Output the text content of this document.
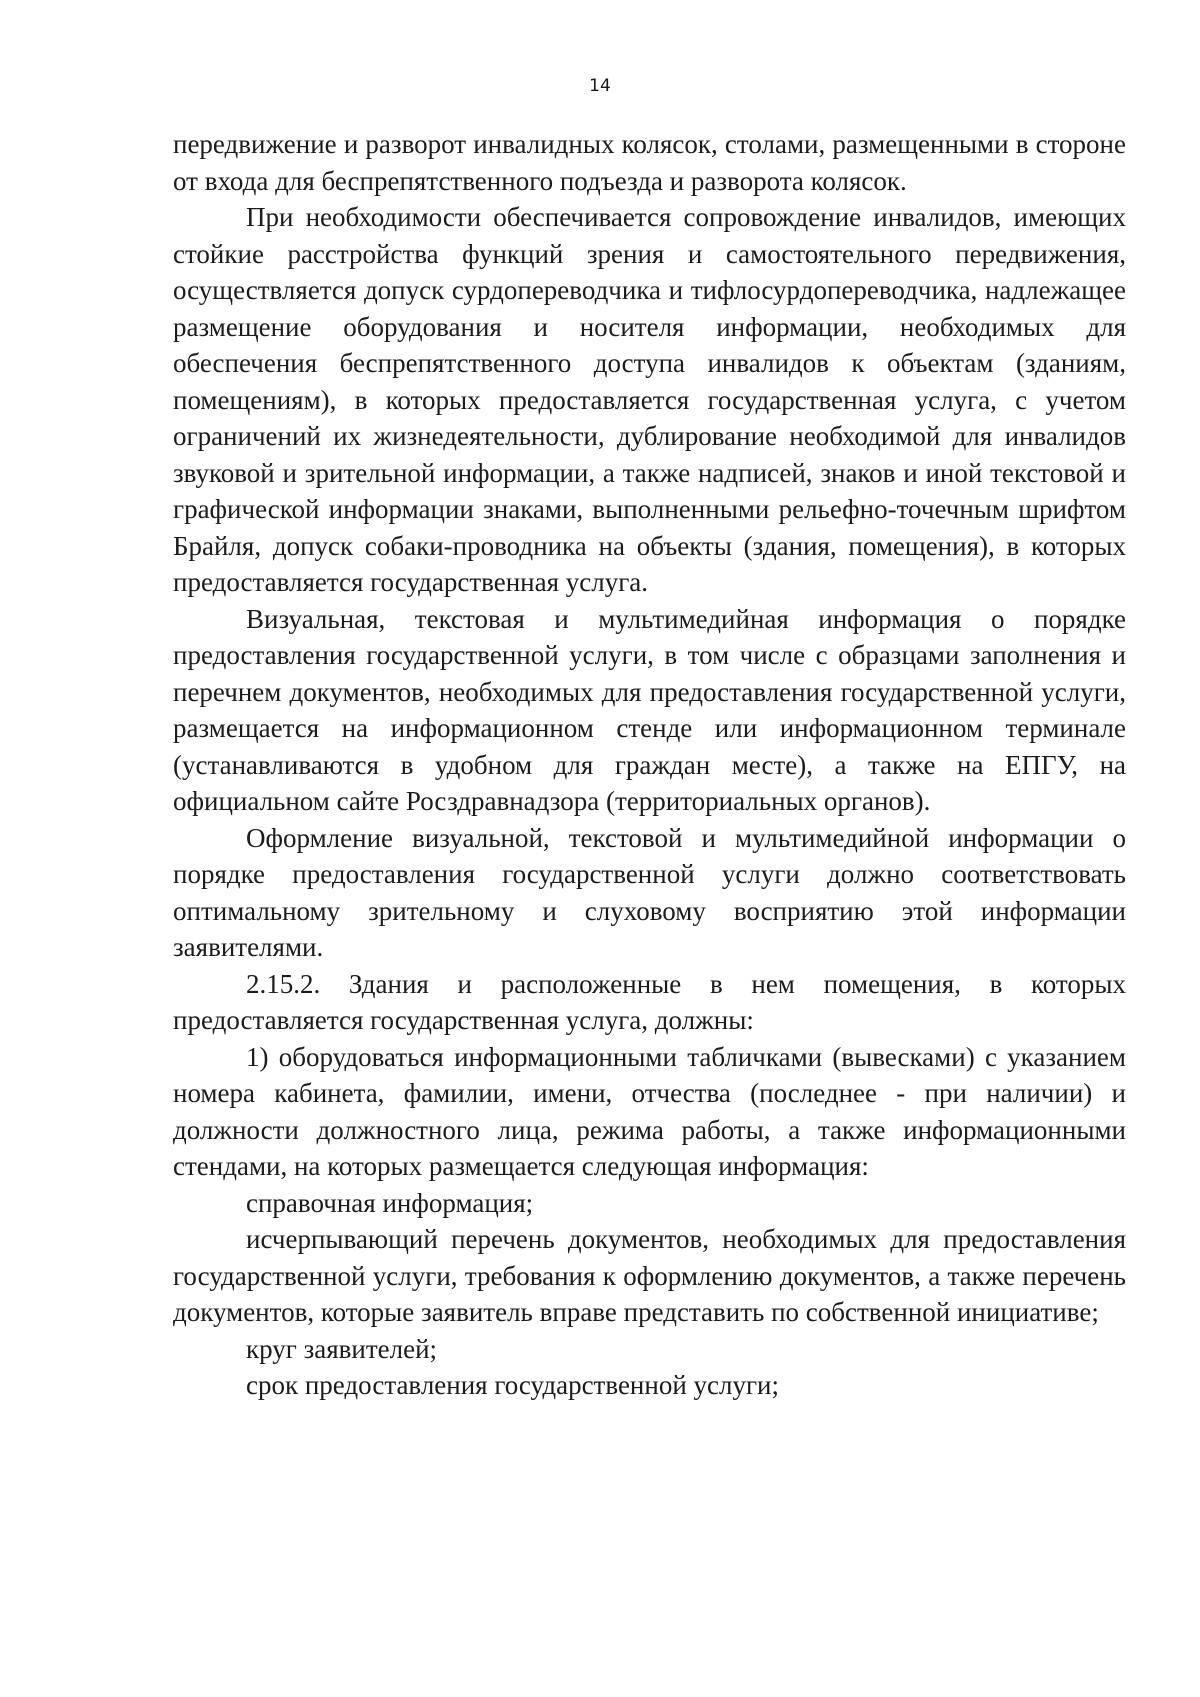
14

передвижение и разворот инвалидных колясок, столами, размещенными в стороне от входа для беспрепятственного подъезда и разворота колясок.

При необходимости обеспечивается сопровождение инвалидов, имеющих стойкие расстройства функций зрения и самостоятельного передвижения, осуществляется допуск сурдопереводчика и тифлосурдопереводчика, надлежащее размещение оборудования и носителя информации, необходимых для обеспечения беспрепятственного доступа инвалидов к объектам (зданиям, помещениям), в которых предоставляется государственная услуга, с учетом ограничений их жизнедеятельности, дублирование необходимой для инвалидов звуковой и зрительной информации, а также надписей, знаков и иной текстовой и графической информации знаками, выполненными рельефно-точечным шрифтом Брайля, допуск собаки-проводника на объекты (здания, помещения), в которых предоставляется государственная услуга.

Визуальная, текстовая и мультимедийная информация о порядке предоставления государственной услуги, в том числе с образцами заполнения и перечнем документов, необходимых для предоставления государственной услуги, размещается на информационном стенде или информационном терминале (устанавливаются в удобном для граждан месте), а также на ЕПГУ, на официальном сайте Росздравнадзора (территориальных органов).

Оформление визуальной, текстовой и мультимедийной информации о порядке предоставления государственной услуги должно соответствовать оптимальному зрительному и слуховому восприятию этой информации заявителями.

2.15.2. Здания и расположенные в нем помещения, в которых предоставляется государственная услуга, должны:

1) оборудоваться информационными табличками (вывесками) с указанием номера кабинета, фамилии, имени, отчества (последнее - при наличии) и должности должностного лица, режима работы, а также информационными стендами, на которых размещается следующая информация:

справочная информация;

исчерпывающий перечень документов, необходимых для предоставления государственной услуги, требования к оформлению документов, а также перечень документов, которые заявитель вправе представить по собственной инициативе;

круг заявителей;

срок предоставления государственной услуги;
